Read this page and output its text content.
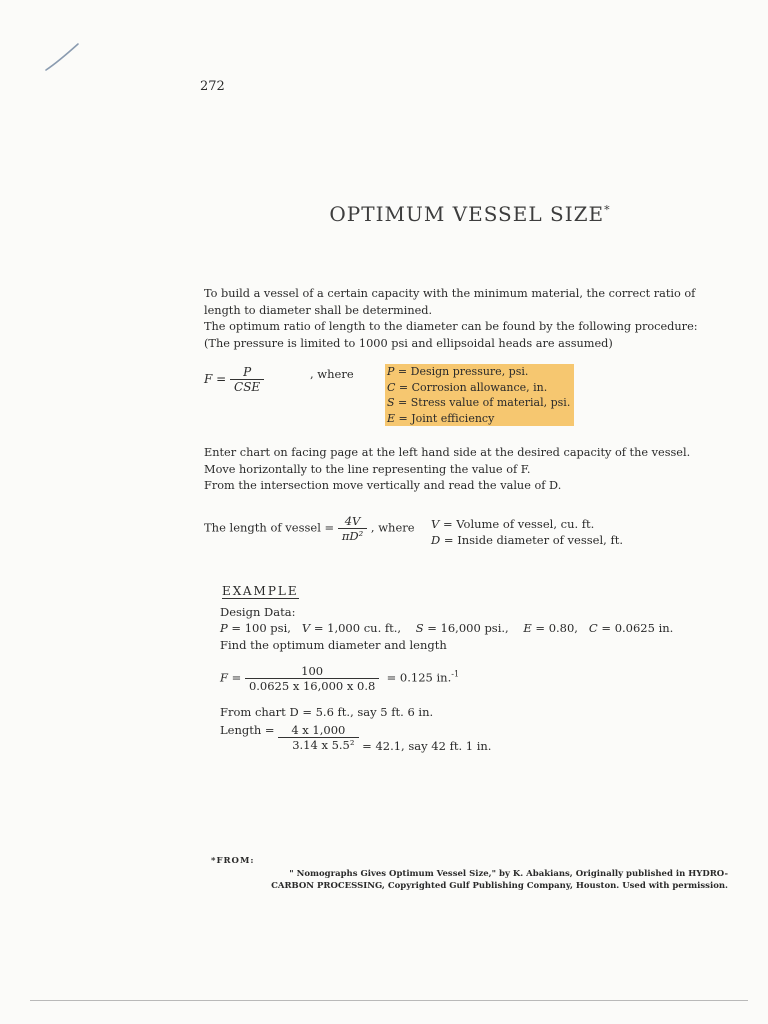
272
OPTIMUM VESSEL SIZE*

To build a vessel of a certain capacity with the minimum material, the correct ratio of
length to diameter shall be determined.
The optimum ratio of length to the diameter can be found by the following procedure:
(The pressure is limited to 1000 psi and ellipsoidal heads are assumed)

$F = \frac{P}{\text{CSE}}$	, where	P = Design pressure, psi.
C = Corrosion allowance, in.
S = Stress value of material, psi.
E = Joint efficiency

Enter chart on facing page at the left hand side at the desired capacity of the vessel.
Move horizontally to the line representing the value of F.
From the intersection move vertically and read the value of D.

The length of vessel = $\frac{4V}{\text{πD²}}$ , where V = Volume of vessel, cu. ft.
D = Inside diameter of vessel, ft.
EXAMPLE
Design Data:
P = 100 psi, V = 1,000 cu. ft., S = 16,000 psi., E = 0.80, C = 0.0625 in.
Find the optimum diameter and length
$F = \frac{100}{0.0625 x 16,000 x 0.8} = 0.125$ in.$^{-1}$
From chart D = 5.6 ft., say 5 ft. 6 in.
Length = $\frac{4 x 1,000}{\text{3.14 x 5.5²}} = 42.1$, say 42 ft. 1 in.
*FROM:
" Nomographs Gives Optimum Vessel Size," by K. Abakians, Originally published in HYDRO-
CARBON PROCESSING, Copyrighted Gulf Publishing Company, Houston. Used with permission.
